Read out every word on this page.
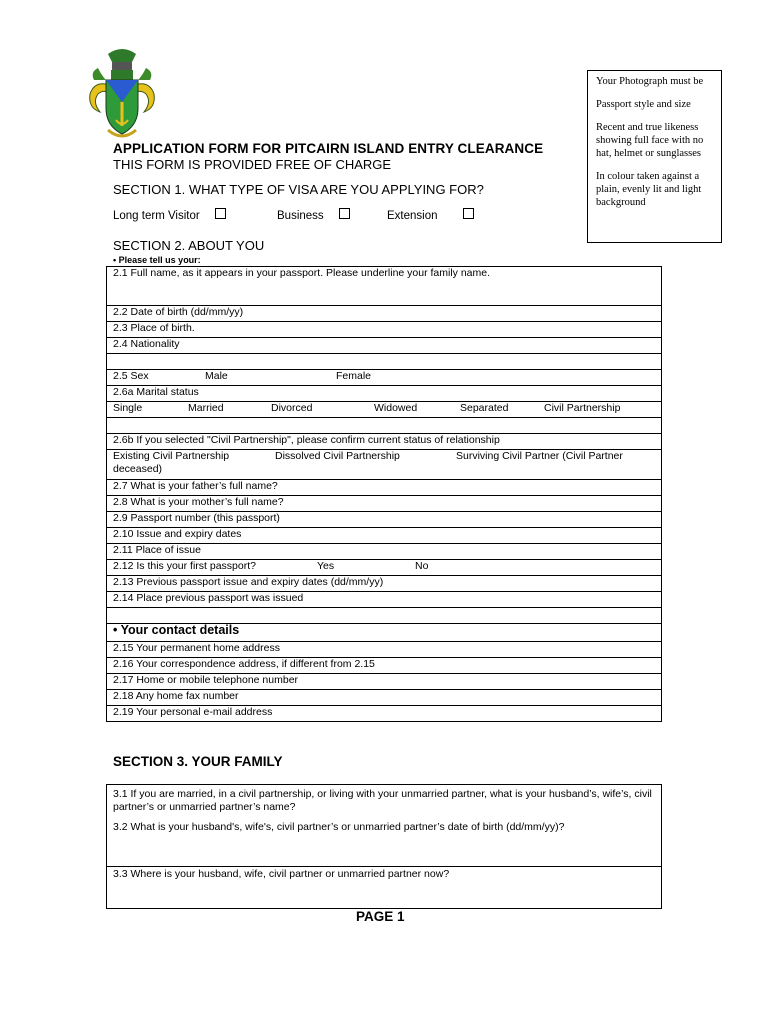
Your Photograph must be

Passport style and size

Recent and true likeness showing full face with no hat, helmet or sunglasses

In colour taken against a plain, evenly lit and light background

APPLICATION FORM FOR PITCAIRN ISLAND ENTRY CLEARANCE
THIS FORM IS PROVIDED FREE OF CHARGE
SECTION 1. WHAT TYPE OF VISA ARE YOU APPLYING FOR?
Long term Visitor	Business	Extension
SECTION 2. ABOUT YOU
• Please tell us your:
2.1 Full name, as it appears in your passport. Please underline your family name.
2.2 Date of birth (dd/mm/yy)
2.3 Place of birth.
2.4 Nationality

2.5 Sex	Male	Female
2.6a Marital status
Single	Married	Divorced	Widowed	Separated	Civil Partnership

2.6b If you selected "Civil Partnership", please confirm current status of relationship
Existing Civil Partnership	Dissolved Civil Partnership	Surviving Civil Partner (Civil Partner deceased)
2.7 What is your father’s full name?
2.8 What is your mother’s full name?
2.9 Passport number (this passport)
2.10 Issue and expiry dates
2.11 Place of issue
2.12 Is this your first passport?	Yes	No
2.13 Previous passport issue and expiry dates (dd/mm/yy)
2.14 Place previous passport was issued

• Your contact details
2.15 Your permanent home address
2.16 Your correspondence address, if different from 2.15
2.17 Home or mobile telephone number
2.18 Any home fax number
2.19 Your personal e-mail address
SECTION 3. YOUR FAMILY
3.1 If you are married, in a civil partnership, or living with your unmarried partner, what is your husband’s, wife’s, civil partner’s or unmarried partner’s name?
3.2 What is your husband's, wife's, civil partner’s or unmarried partner’s date of birth (dd/mm/yy)?

3.3 Where is your husband, wife, civil partner or unmarried partner now?
PAGE 1
